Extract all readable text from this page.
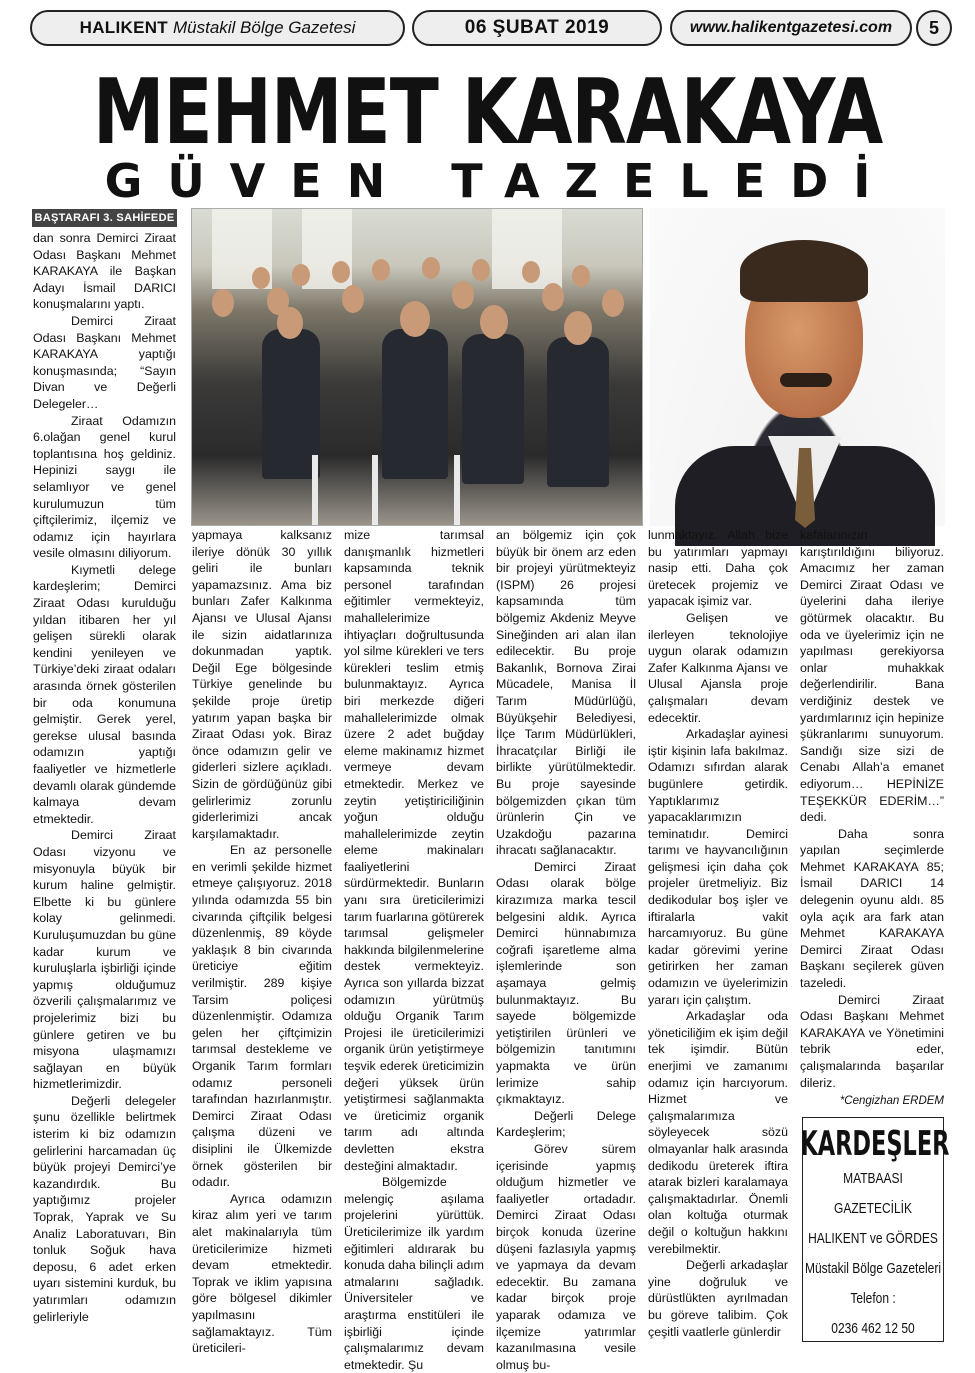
HALIKENT Müstakil Bölge Gazetesi	06 ŞUBAT 2019	www.halikentgazetesi.com	5
MEHMET KARAKAYA
GÜVEN TAZELEDİ
BAŞTARAFI 3. SAHİFEDE

dan sonra Demirci Ziraat Odası Başkanı Mehmet KARAKAYA ile Başkan Adayı İsmail DARICI konuşmalarını yaptı.

Demirci Ziraat Odası Başkanı Mehmet KARAKAYA yaptığı konuşmasında; “Sayın Divan ve Değerli Delegeler…

Ziraat Odamızın 6.olağan genel kurul toplantısına hoş geldiniz. Hepinizi saygı ile selamlıyor ve genel kurulumuzun tüm çiftçilerimiz, ilçemiz ve odamız için hayırlara vesile olmasını diliyorum.

Kıymetli delege kardeşlerim; Demirci Ziraat Odası kurulduğu yıldan itibaren her yıl gelişen sürekli olarak kendini yenileyen ve Türkiye’deki ziraat odaları arasında örnek gösterilen bir oda konumuna gelmiştir. Gerek yerel, gerekse ulusal basında odamızın yaptığı faaliyetler ve hizmetlerle devamlı olarak gündemde kalmaya devam etmektedir.

Demirci Ziraat Odası vizyonu ve misyonuyla büyük bir kurum haline gelmiştir. Elbette ki bu günlere kolay gelinmedi. Kuruluşumuzdan bu güne kadar kurum ve kuruluşlarla işbirliği içinde yapmış olduğumuz özverili çalışmalarımız ve projelerimiz bizi bu günlere getiren ve bu misyona ulaşmamızı sağlayan en büyük hizmetlerimizdir.

Değerli delegeler şunu özellikle belirtmek isterim ki biz odamızın gelirlerini harcamadan üç büyük projeyi Demirci’ye kazandırdık. Bu yaptığımız projeler Toprak, Yaprak ve Su Analiz Laboratuvarı, Bin tonluk Soğuk hava deposu, 6 adet erken uyarı sistemini kurduk, bu yatırımları odamızın gelirleriyle

yapmaya kalksanız ileriye dönük 30 yıllık geliri ile bunları yapamazsınız. Ama biz bunları Zafer Kalkınma Ajansı ve Ulusal Ajansı ile sizin aidatlarınıza dokunmadan yaptık. Değil Ege bölgesinde Türkiye genelinde bu şekilde proje üretip yatırım yapan başka bir Ziraat Odası yok. Biraz önce odamızın gelir ve giderleri sizlere açıkladı. Sizin de gördüğünüz gibi gelirlerimiz zorunlu giderlerimizi ancak karşılamaktadır.

En az personelle en verimli şekilde hizmet etmeye çalışıyoruz. 2018 yılında odamızda 55 bin civarında çiftçilik belgesi düzenlenmiş, 89 köyde yaklaşık 8 bin civarında üreticiye eğitim verilmiştir. 289 kişiye Tarsim poliçesi düzenlenmiştir. Odamıza gelen her çiftçimizin tarımsal destekleme ve Organik Tarım formları odamız personeli tarafından hazırlanmıştır. Demirci Ziraat Odası çalışma düzeni ve disiplini ile Ülkemizde örnek gösterilen bir odadır.

Ayrıca odamızın kiraz alım yeri ve tarım alet makinalarıyla tüm üreticilerimize hizmeti devam etmektedir. Toprak ve iklim yapısına göre bölgesel dikimler yapılmasını sağlamaktayız. Tüm üreticileri-

mize tarımsal danışmanlık hizmetleri kapsamında teknik personel tarafından eğitimler vermekteyiz, mahallelerimize ihtiyaçları doğrultusunda yol silme kürekleri ve ters kürekleri teslim etmiş bulunmaktayız. Ayrıca biri merkezde diğeri mahallelerimizde olmak üzere 2 adet buğday eleme makinamız hizmet vermeye devam etmektedir. Merkez ve zeytin yetiştiriciliğinin yoğun olduğu mahallelerimizde zeytin eleme makinaları faaliyetlerini sürdürmektedir. Bunların yanı sıra üreticilerimizi tarım fuarlarına götürerek tarımsal gelişmeler hakkında bilgilenmelerine destek vermekteyiz. Ayrıca son yıllarda bizzat odamızın yürütmüş olduğu Organik Tarım Projesi ile üreticilerimizi organik ürün yetiştirmeye teşvik ederek üreticimizin değeri yüksek ürün yetiştirmesi sağlanmakta ve üreticimiz organik tarım adı altında devletten ekstra desteğini almaktadır.

Bölgemizde melengiç aşılama projelerini yürüttük. Üreticilerimize ilk yardım eğitimleri aldırarak bu konuda daha bilinçli adım atmalarını sağladık. Üniversiteler ve araştırma enstitüleri ile işbirliği içinde çalışmalarımız devam etmektedir. Şu

an bölgemiz için çok büyük bir önem arz eden bir projeyi yürütmekteyiz (ISPM) 26 projesi kapsamında tüm bölgemiz Akdeniz Meyve Sineğinden ari alan ilan edilecektir. Bu proje Bakanlık, Bornova Zirai Mücadele, Manisa İl Tarım Müdürlüğü, Büyükşehir Belediyesi, İlçe Tarım Müdürlükleri, İhracatçılar Birliği ile birlikte yürütülmektedir. Bu proje sayesinde bölgemizden çıkan tüm ürünlerin Çin ve Uzakdoğu pazarına ihracatı sağlanacaktır.

Demirci Ziraat Odası olarak bölge kirazımıza marka tescil belgesini aldık. Ayrıca Demirci hünnabımıza coğrafi işaretleme alma işlemlerinde son aşamaya gelmiş bulunmaktayız. Bu sayede bölgemizde yetiştirilen ürünleri ve bölgemizin tanıtımını yapmakta ve ürün lerimize sahip çıkmaktayız.

Değerli Delege Kardeşlerim;

Görev sürem içerisinde yapmış olduğum hizmetler ve faaliyetler ortadadır. Demirci Ziraat Odası birçok konuda üzerine düşeni fazlasıyla yapmış ve yapmaya da devam edecektir. Bu zamana kadar birçok proje yaparak odamıza ve ilçemize yatırımlar kazanılmasına vesile olmuş bu-

lunmaktayız. Allah bize bu yatırımları yapmayı nasip etti. Daha çok üretecek projemiz ve yapacak işimiz var.

Gelişen ve ilerleyen teknolojiye uygun olarak odamızın Zafer Kalkınma Ajansı ve Ulusal Ajansla proje çalışmaları devam edecektir.

Arkadaşlar ayinesi iştir kişinin lafa bakılmaz. Odamızı sıfırdan alarak bugünlere getirdik. Yaptıklarımız yapacaklarımızın teminatıdır. Demirci tarımı ve hayvancılığının gelişmesi için daha çok projeler üretmeliyiz. Biz dedikodular boş işler ve iftiralarla vakit harcamıyoruz. Bu güne kadar görevimi yerine getirirken her zaman odamızın ve üyelerimizin yararı için çalıştım.

Arkadaşlar oda yöneticiliğim ek işim değil tek işimdir. Bütün enerjimi ve zamanımı odamız için harcıyorum. Hizmet ve çalışmalarımıza söyleyecek sözü olmayanlar halk arasında dedikodu üreterek iftira atarak bizleri karalamaya çalışmaktadırlar. Önemli olan koltuğa oturmak değil o koltuğun hakkını verebilmektir.

Değerli arkadaşlar yine doğruluk ve dürüstlükten ayrılmadan bu göreve talibim. Çok çeşitli vaatlerle günlerdir

kafalarınızın karıştırıldığını biliyoruz. Amacımız her zaman Demirci Ziraat Odası ve üyelerini daha ileriye götürmek olacaktır. Bu oda ve üyelerimiz için ne yapılması gerekiyorsa onlar muhakkak değerlendirilir. Bana verdiğiniz destek ve yardımlarınız için hepinize şükranlarımı sunuyorum. Sandığı size sizi de Cenabı Allah’a emanet ediyorum… HEPİNİZE TEŞEKKÜR EDERİM…” dedi.

Daha sonra yapılan seçimlerde Mehmet KARAKAYA 85; İsmail DARICI 14 delegenin oyunu aldı. 85 oyla açık ara fark atan Mehmet KARAKAYA Demirci Ziraat Odası Başkanı seçilerek güven tazeledi.

Demirci Ziraat Odası Başkanı Mehmet KARAKAYA ve Yönetimini tebrik eder, çalışmalarında başarılar dileriz.

*Cengizhan ERDEM

KARDEŞLER
MATBAASI
GAZETECİLİK
HALIKENT ve GÖRDES
Müstakil Bölge Gazeteleri
Telefon :
0236 462 12 50
